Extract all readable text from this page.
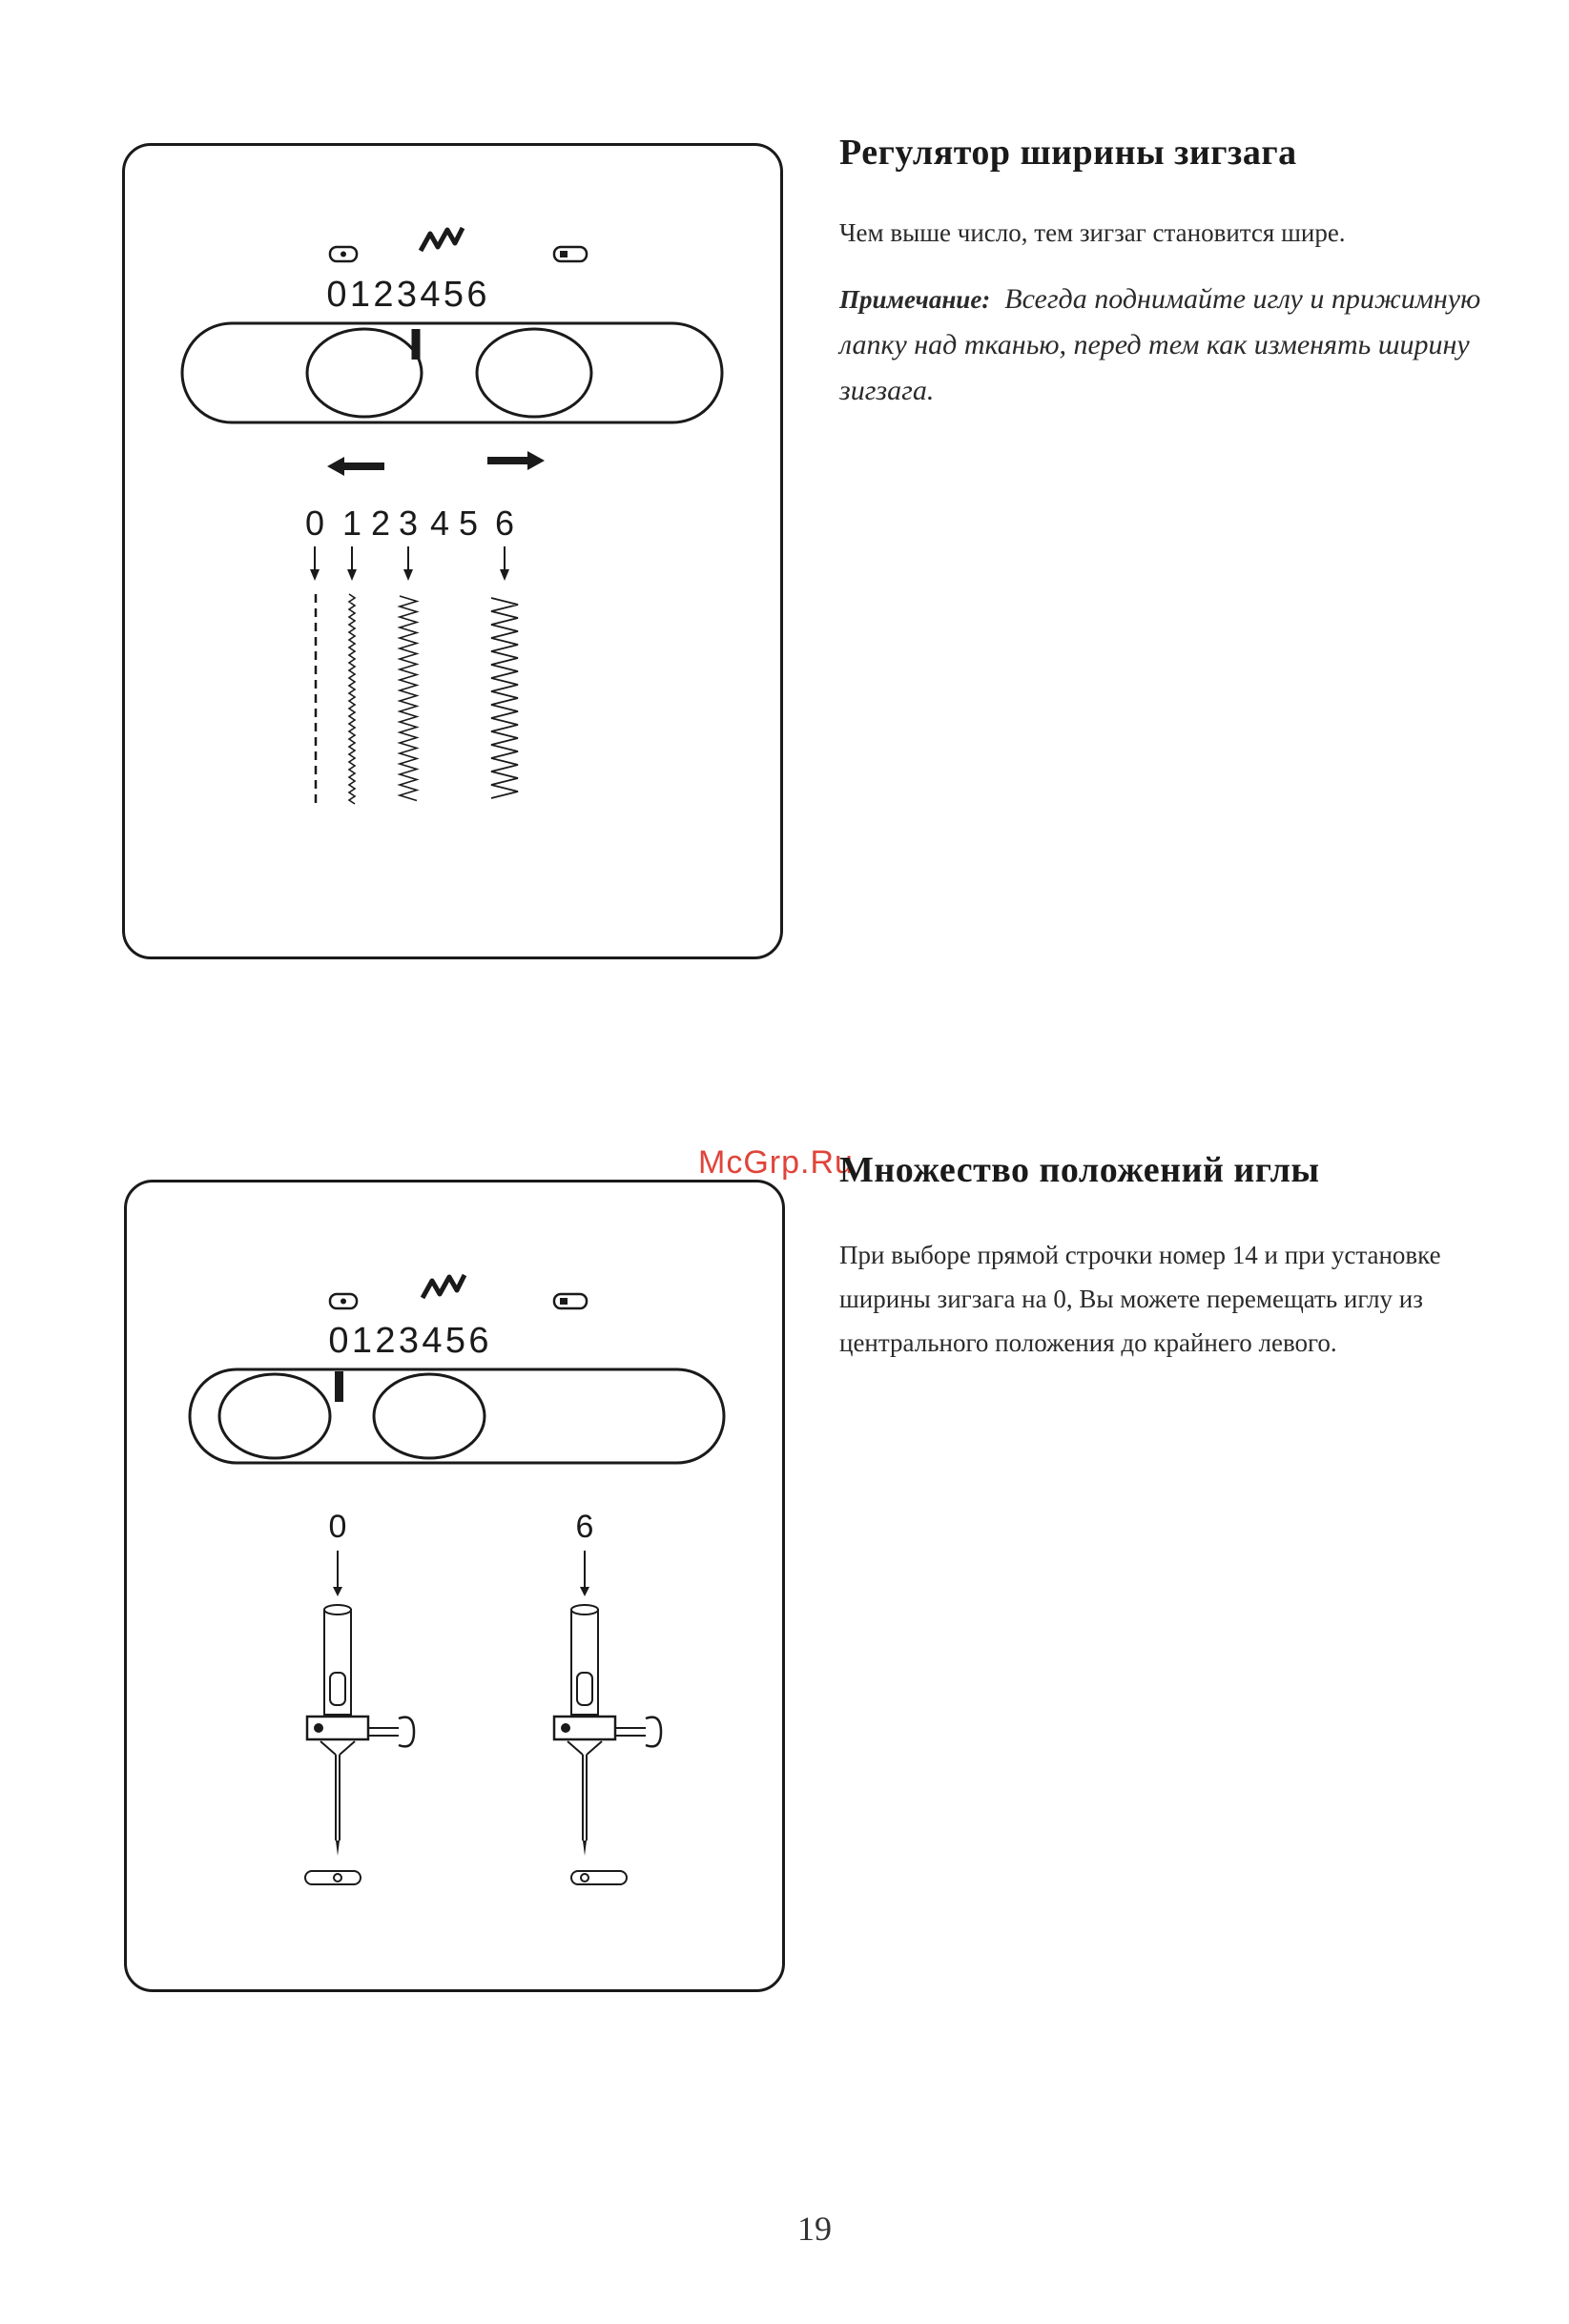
0 1 2 3 4 5 6
0 1 2 3 4 5 6
0 1 2 3 4 5 6
0	6
Регулятор ширины зигзага

Чем выше число, тем зигзаг становится шире.

Примечание: Всегда поднимайте иглу и прижимную лапку над тканью, перед тем как изменять ширину зигзага.

McGrp.Ru

Множество положений иглы

При выборе прямой строчки номер 14 и при установке ширины зигзага на 0, Вы можете перемещать иглу из центрального положения до крайнего левого.

19
